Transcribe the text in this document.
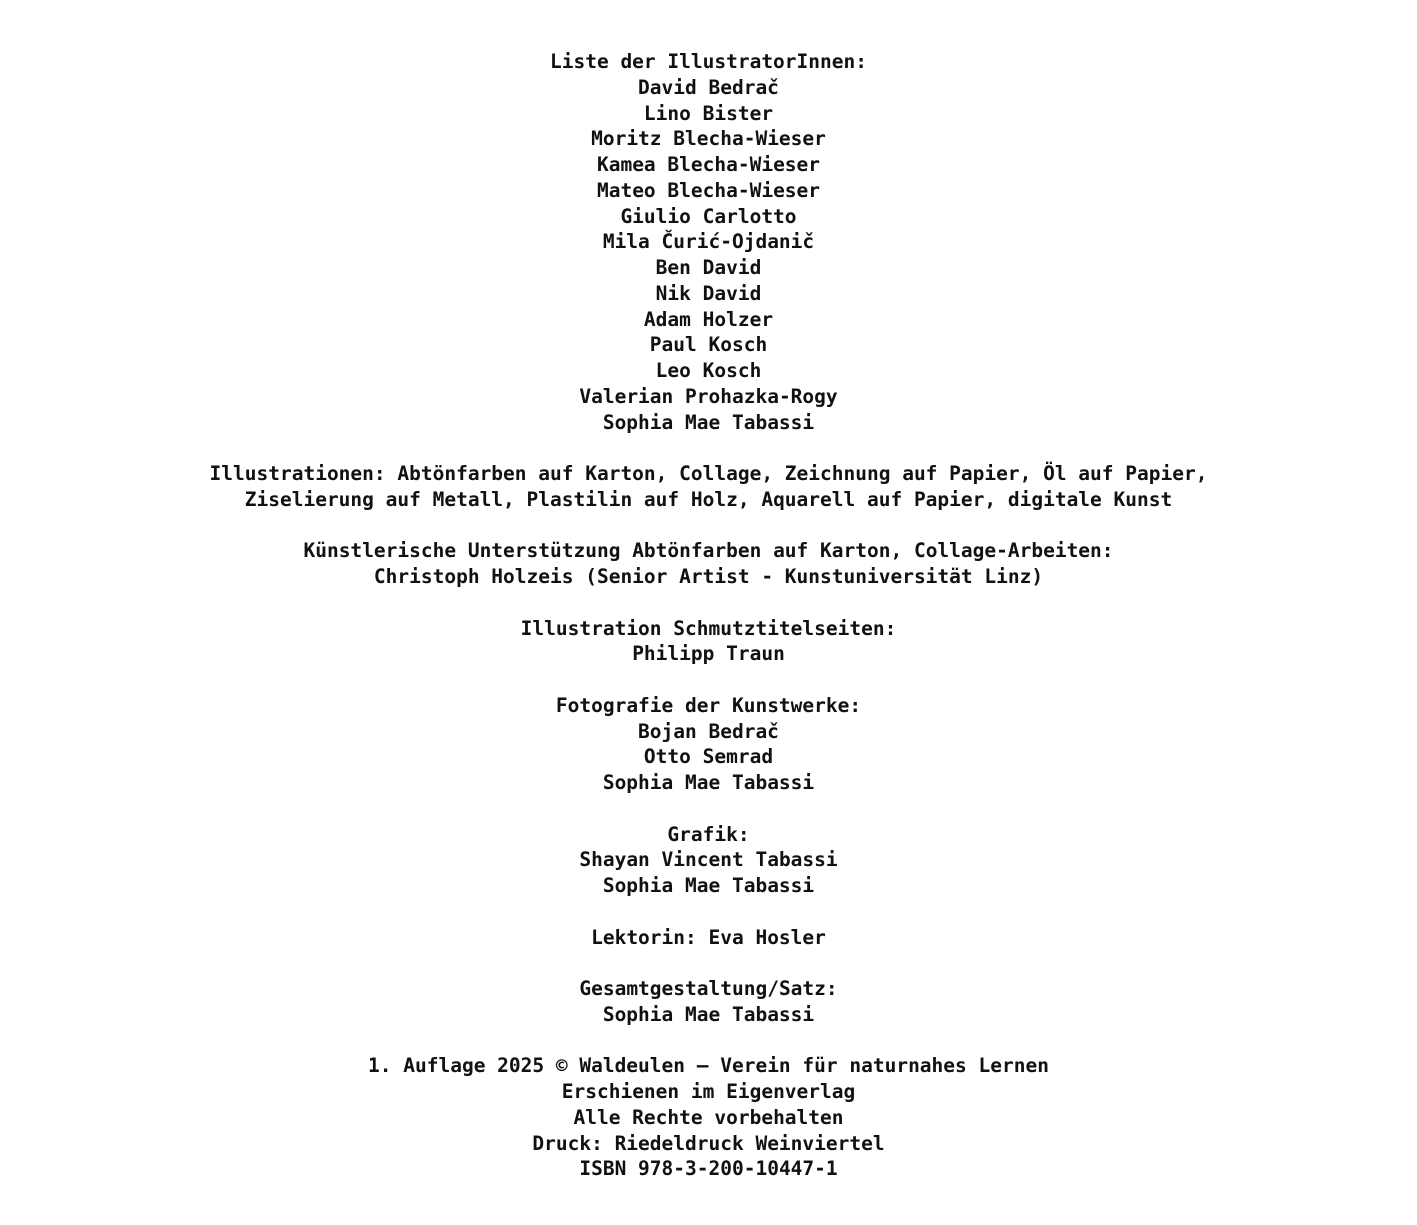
Liste der IllustratorInnen:
David Bedrač
Lino Bister
Moritz Blecha-Wieser
Kamea Blecha-Wieser
Mateo Blecha-Wieser
Giulio Carlotto
Mila Čurić-Ojdanič
Ben David
Nik David
Adam Holzer
Paul Kosch
Leo Kosch
Valerian Prohazka-Rogy
Sophia Mae Tabassi
Illustrationen: Abtönfarben auf Karton, Collage, Zeichnung auf Papier, Öl auf Papier,
Ziselierung auf Metall, Plastilin auf Holz, Aquarell auf Papier, digitale Kunst
Künstlerische Unterstützung Abtönfarben auf Karton, Collage-Arbeiten:
Christoph Holzeis (Senior Artist - Kunstuniversität Linz)
Illustration Schmutztitelseiten:
Philipp Traun
Fotografie der Kunstwerke:
Bojan Bedrač
Otto Semrad
Sophia Mae Tabassi
Grafik:
Shayan Vincent Tabassi
Sophia Mae Tabassi
Lektorin: Eva Hosler
Gesamtgestaltung/Satz:
Sophia Mae Tabassi
1. Auflage 2025 © Waldeulen – Verein für naturnahes Lernen
Erschienen im Eigenverlag
Alle Rechte vorbehalten
Druck: Riedeldruck Weinviertel
ISBN 978-3-200-10447-1
